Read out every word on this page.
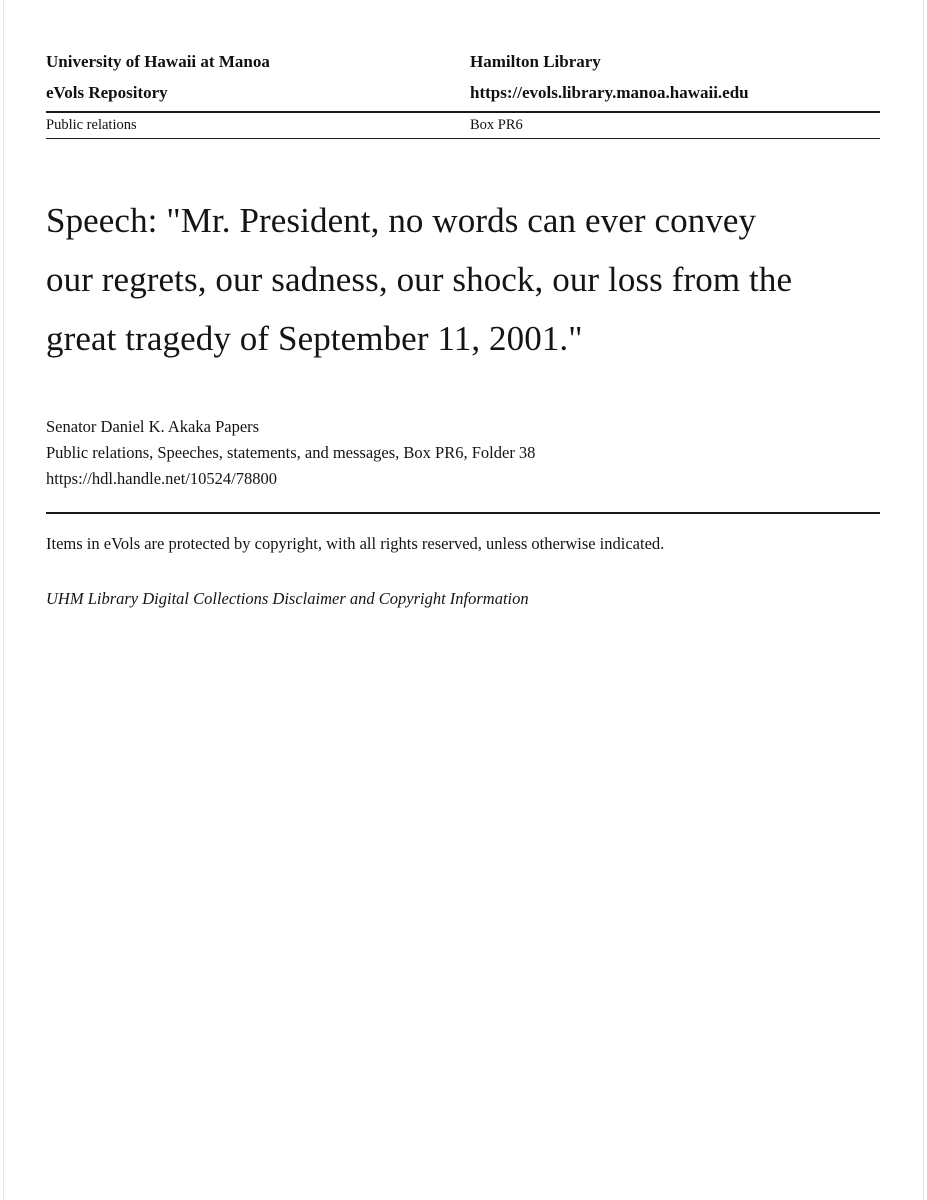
University of Hawaii at Manoa	Hamilton Library
eVols Repository	https://evols.library.manoa.hawaii.edu
Public relations	Box PR6
Speech: "Mr. President, no words can ever convey our regrets, our sadness, our shock, our loss from the great tragedy of September 11, 2001."
Senator Daniel K. Akaka Papers
Public relations, Speeches, statements, and messages, Box PR6, Folder 38
https://hdl.handle.net/10524/78800
Items in eVols are protected by copyright, with all rights reserved, unless otherwise indicated.
UHM Library Digital Collections Disclaimer and Copyright Information
